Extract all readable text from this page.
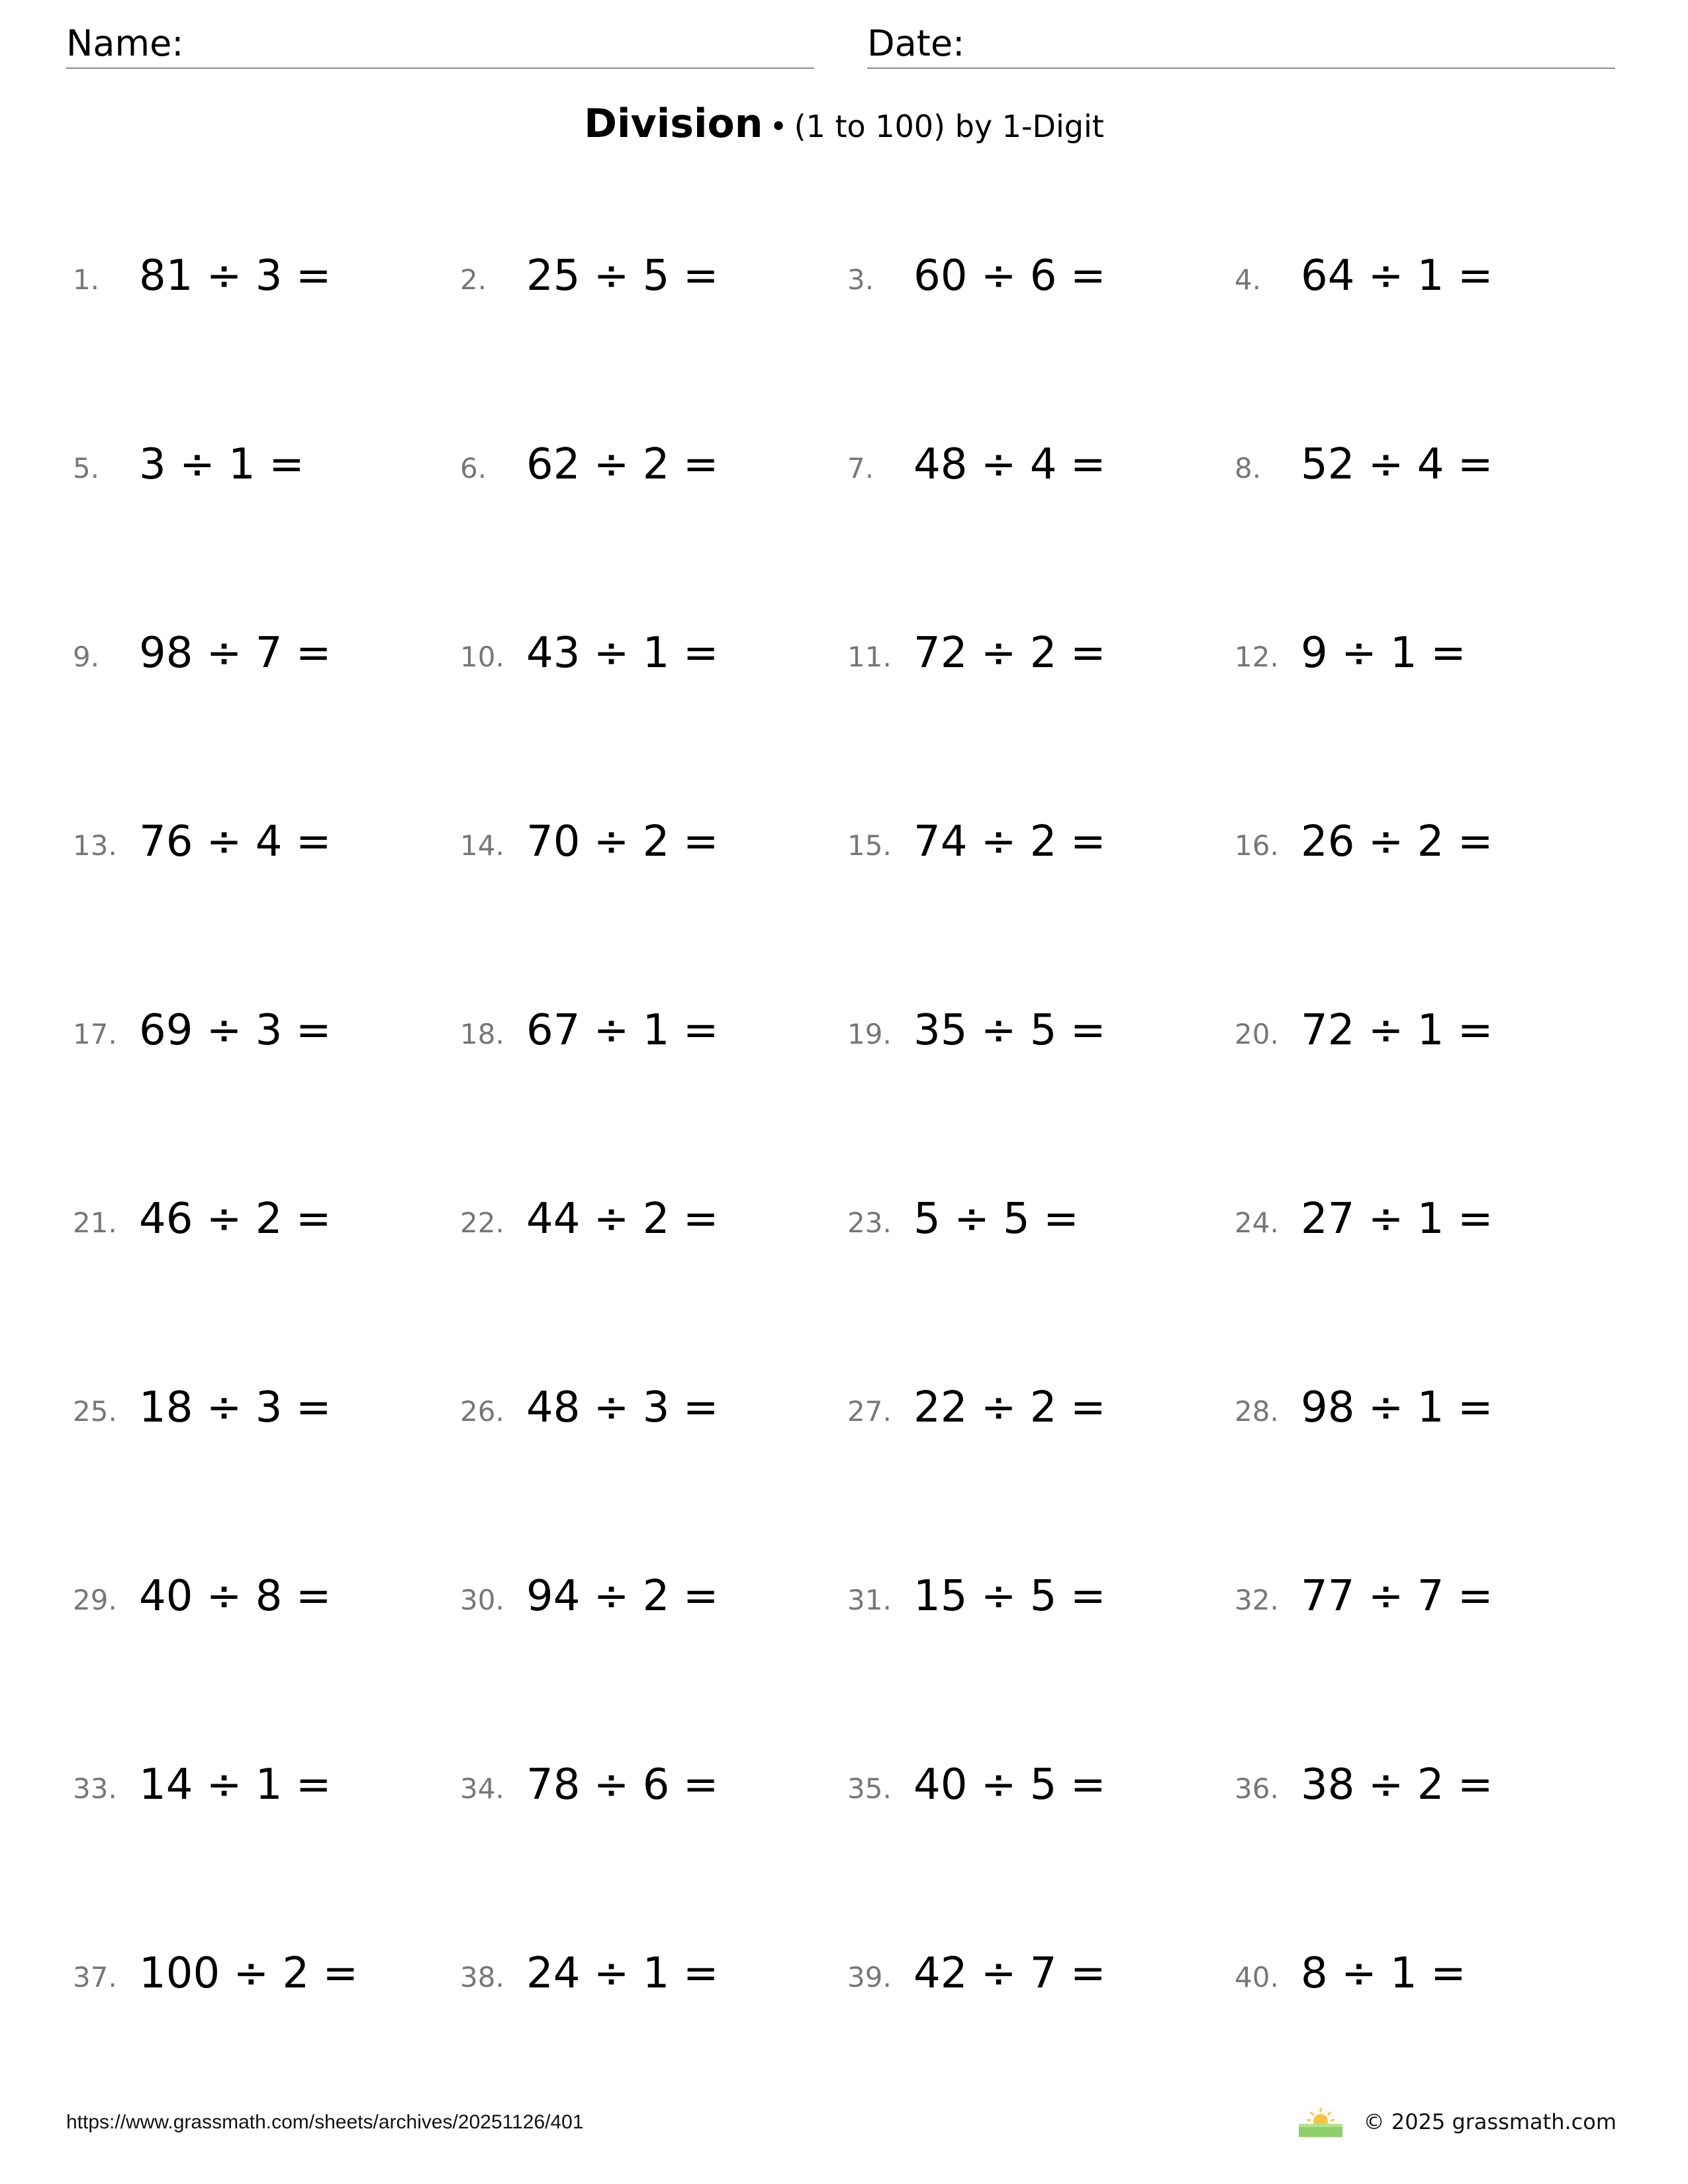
Name:	Date:
Division • (1 to 100) by 1-Digit
1. 81 ÷ 3 =	2. 25 ÷ 5 =	3. 60 ÷ 6 =	4. 64 ÷ 1 =
5. 3 ÷ 1 =	6. 62 ÷ 2 =	7. 48 ÷ 4 =	8. 52 ÷ 4 =
9. 98 ÷ 7 =	10. 43 ÷ 1 =	11. 72 ÷ 2 =	12. 9 ÷ 1 =
13. 76 ÷ 4 =	14. 70 ÷ 2 =	15. 74 ÷ 2 =	16. 26 ÷ 2 =
17. 69 ÷ 3 =	18. 67 ÷ 1 =	19. 35 ÷ 5 =	20. 72 ÷ 1 =
21. 46 ÷ 2 =	22. 44 ÷ 2 =	23. 5 ÷ 5 =	24. 27 ÷ 1 =
25. 18 ÷ 3 =	26. 48 ÷ 3 =	27. 22 ÷ 2 =	28. 98 ÷ 1 =
29. 40 ÷ 8 =	30. 94 ÷ 2 =	31. 15 ÷ 5 =	32. 77 ÷ 7 =
33. 14 ÷ 1 =	34. 78 ÷ 6 =	35. 40 ÷ 5 =	36. 38 ÷ 2 =
37. 100 ÷ 2 =	38. 24 ÷ 1 =	39. 42 ÷ 7 =	40. 8 ÷ 1 =
https://www.grassmath.com/sheets/archives/20251126/401	© 2025 grassmath.com
